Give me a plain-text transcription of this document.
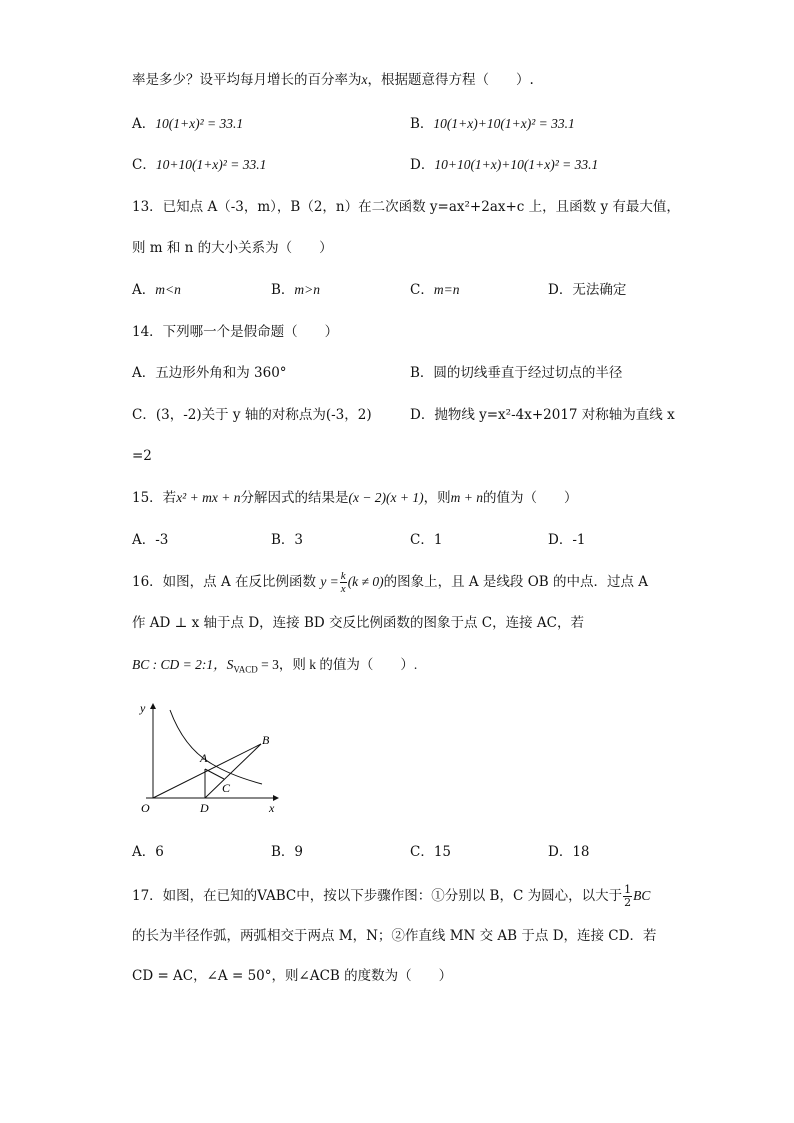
率是多少？设平均每月增长的百分率为x，根据题意得方程（　　）.
A．10(1+x)² = 33.1	B．10(1+x)+10(1+x)² = 33.1
C．10+10(1+x)² = 33.1	D．10+10(1+x)+10(1+x)² = 33.1
13．已知点 A（-3，m），B（2，n）在二次函数 y=ax²+2ax+c 上，且函数 y 有最大值，
则 m 和 n 的大小关系为（　　）
A．m<n	B．m>n	C．m=n	D．无法确定
14．下列哪一个是假命题（　　）
A．五边形外角和为 360°	B．圆的切线垂直于经过切点的半径
C．(3，-2)关于 y 轴的对称点为(-3，2)	D．抛物线 y=x²-4x+2017 对称轴为直线 x
=2
15．若x² + mx + n分解因式的结果是(x − 2)(x + 1)，则m + n的值为（　　）
A．-3	B．3	C．1	D．-1
16．如图，点 A 在反比例函数 $y = \frac{k}{x} (k \ne 0)$的图象上，且 A 是线段 OB 的中点．过点 A
作 AD ⊥ x 轴于点 D，连接 BD 交反比例函数的图象于点 C，连接 AC，若
BC : CD = 2:1，$S_{VACD} = 3$，则 k 的值为（　　）.
y
x
O
A
B
C
D
A．6	B．9	C．15	D．18
17．如图，在已知的VABC中，按以下步骤作图：①分别以 B，C 为圆心，以大于 $\frac{1}{2}$ BC
的长为半径作弧，两弧相交于两点 M，N；②作直线 MN 交 AB 于点 D，连接 CD．若
CD = AC，∠A = 50°，则∠ACB 的度数为（　　）
